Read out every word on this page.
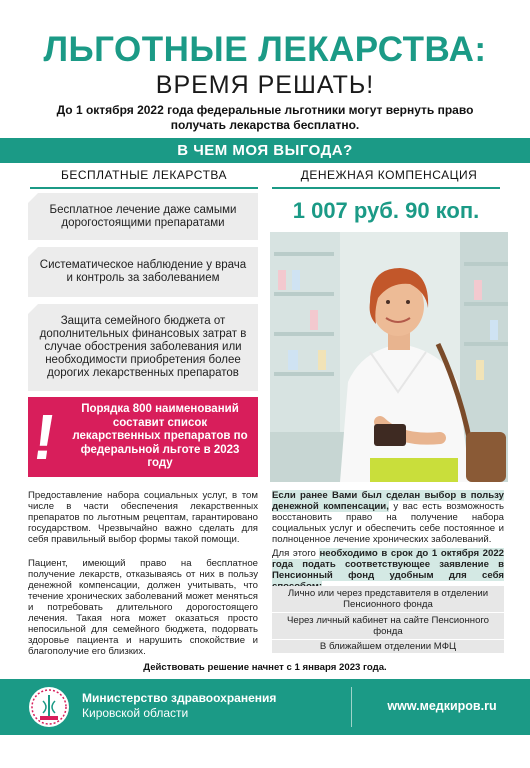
ЛЬГОТНЫЕ ЛЕКАРСТВА:
ВРЕМЯ РЕШАТЬ!
До 1 октября 2022 года федеральные льготники могут вернуть право получать лекарства бесплатно.
В ЧЕМ МОЯ ВЫГОДА?
БЕСПЛАТНЫЕ ЛЕКАРСТВА	ДЕНЕЖНАЯ КОМПЕНСАЦИЯ
Бесплатное лечение даже самыми дорогостоящими препаратами
Систематическое наблюдение у врача и контроль за заболеванием
Защита семейного бюджета от дополнительных финансовых затрат в случае обострения заболевания или необходимости приобретения более дорогих лекарственных препаратов
!	Порядка 800 наименований составит список лекарственных препаратов по федеральной льготе в 2023 году
1 007 руб. 90 коп.
Предоставление набора социальных услуг, в том числе в части обеспечения лекарственных препаратов по льготным рецептам, гарантировано государством. Чрезвычайно важно сделать для себя правильный выбор формы такой помощи.
Пациент, имеющий право на бесплатное получение лекарств, отказываясь от них в пользу денежной компенсации, должен учитывать, что течение хронических заболеваний может меняться и потребовать длительного дорогостоящего лечения. Такая нога может оказаться просто непосильной для семейного бюджета, подорвать здоровье пациента и нарушить спокойствие и благополучие его близких.
Если ранее Вами был сделан выбор в пользу денежной компенсации, у вас есть возможность восстановить право на получение набора социальных услуг и обеспечить себе постоянное и полноценное лечение хронических заболеваний.
Для этого необходимо в срок до 1 октября 2022 года подать соответствующее заявление в Пенсионный фонд удобным для себя
Лично или через представителя в отделении Пенсионного фонда
Через личный кабинет на сайте Пенсионного фонда
В ближайшем отделении МФЦ
Действовать решение начнет с 1 января 2023 года.
Министерство здравоохранения
Кировской области	www.медкиров.ru
